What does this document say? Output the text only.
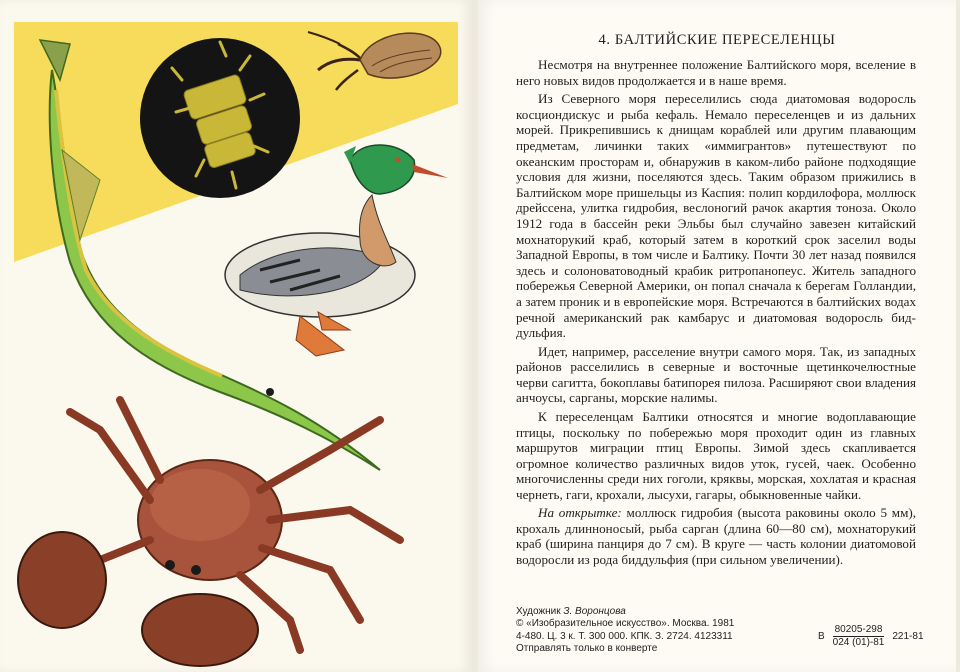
4. БАЛТИЙСКИЕ ПЕРЕСЕЛЕНЦЫ

Несмотря на внутреннее положение Балтийского моря, вселение в него новых видов продолжается и в наше время.

Из Северного моря переселились сюда диатомовая водоросль косциондискус и рыба кефаль. Немало переселенцев и из дальних морей. Прикрепившись к днищам кораблей или другим плавающим предметам, личинки таких «иммигрантов» путешествуют по океанским просторам и, обнаружив в каком-либо районе подходящие условия для жизни, поселяются здесь. Таким образом прижились в Балтийском море пришельцы из Каспия: полип кордилофора, моллюск дрейссена, улитка гидробия, веслоногий рачок акартия тоноза. Около 1912 года в бассейн реки Эльбы был случайно завезен китайский мохнаторукий краб, который затем в короткий срок заселил воды Западной Европы, в том числе и Балтику. Почти 30 лет назад появился здесь и солоноватоводный крабик ритропанопеус. Житель западного побережья Северной Америки, он попал сначала к берегам Голландии, а затем проник и в европейские моря. Встречаются в балтийских водах речной американский рак камбарус и диатомовая водоросль биддульфия.

Идет, например, расселение внутри самого моря. Так, из западных районов расселились в северные и восточные щетинкочелюстные черви сагитта, бокоплавы батипорея пилоза. Расширяют свои владения анчоусы, сарганы, морские налимы.

К переселенцам Балтики относятся и многие водоплавающие птицы, поскольку по побережью моря проходит один из главных маршрутов миграции птиц Европы. Зимой здесь скапливается огромное количество различных видов уток, гусей, чаек. Особенно многочисленны среди них гоголи, кряквы, морская, хохлатая и красная чернеть, гаги, крохали, лысухи, гагары, обыкновенные чайки.

На открытке: моллюск гидробия (высота раковины около 5 мм), крохаль длинноносый, рыба сарган (длина 60—80 см), мохнаторукий краб (ширина панциря до 7 см). В круге — часть колонии диатомовой водоросли из рода биддульфия (при сильном увеличении).

Художник З. Воронцова
© «Изобразительное искусство». Москва. 1981
4-480. Ц. 3 к. Т. 300 000. КПК. З. 2724. 4123311
Отправлять только в конверте
В $\frac{80205-298}{024 (01)-81} 221-81$
